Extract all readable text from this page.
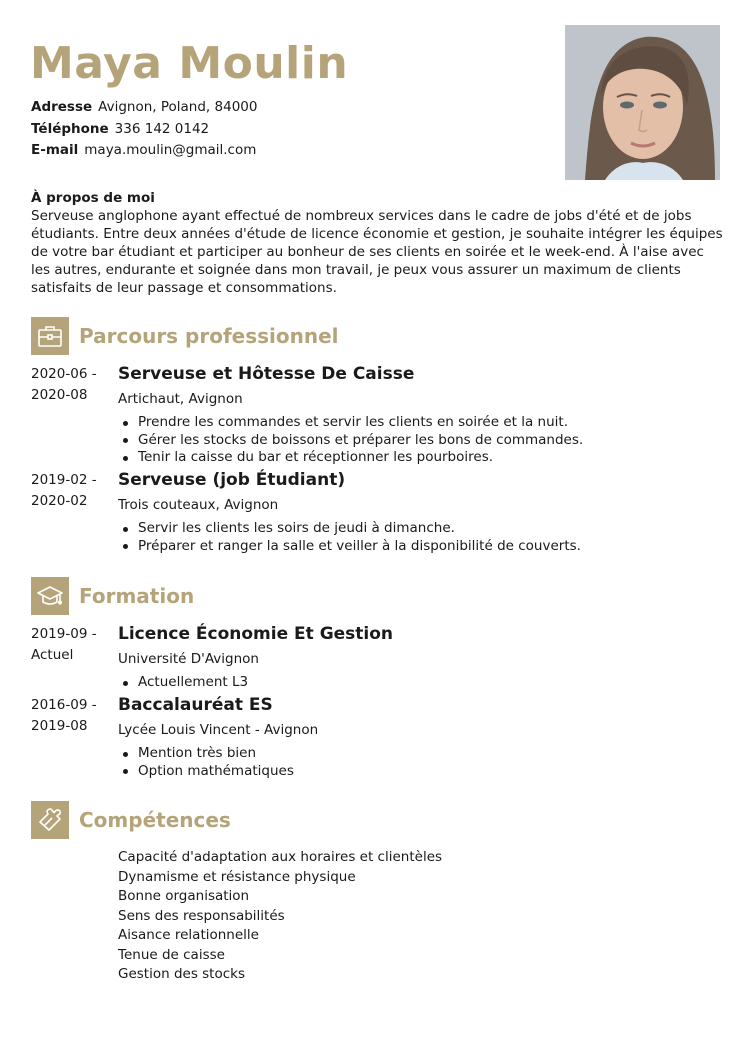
Maya Moulin
Adresse Avignon, Poland, 84000
Téléphone 336 142 0142
E-mail maya.moulin@gmail.com
À propos de moi
Serveuse anglophone ayant effectué de nombreux services dans le cadre de jobs d'été et de jobs étudiants. Entre deux années d'étude de licence économie et gestion, je souhaite intégrer les équipes de votre bar étudiant et participer au bonheur de ses clients en soirée et le week-end. À l'aise avec les autres, endurante et soignée dans mon travail, je peux vous assurer un maximum de clients satisfaits de leur passage et consommations.
Parcours professionnel
2020-06 -
2020-08
Serveuse et Hôtesse De Caisse
Artichaut, Avignon
Prendre les commandes et servir les clients en soirée et la nuit.
Gérer les stocks de boissons et préparer les bons de commandes.
Tenir la caisse du bar et réceptionner les pourboires.
2019-02 -
2020-02
Serveuse (job Étudiant)
Trois couteaux, Avignon
Servir les clients les soirs de jeudi à dimanche.
Préparer et ranger la salle et veiller à la disponibilité de couverts.
Formation
2019-09 -
Actuel
Licence Économie Et Gestion
Université D'Avignon
Actuellement L3
2016-09 -
2019-08
Baccalauréat ES
Lycée Louis Vincent - Avignon
Mention très bien
Option mathématiques
Compétences
Capacité d'adaptation aux horaires et clientèles
Dynamisme et résistance physique
Bonne organisation
Sens des responsabilités
Aisance relationnelle
Tenue de caisse
Gestion des stocks
